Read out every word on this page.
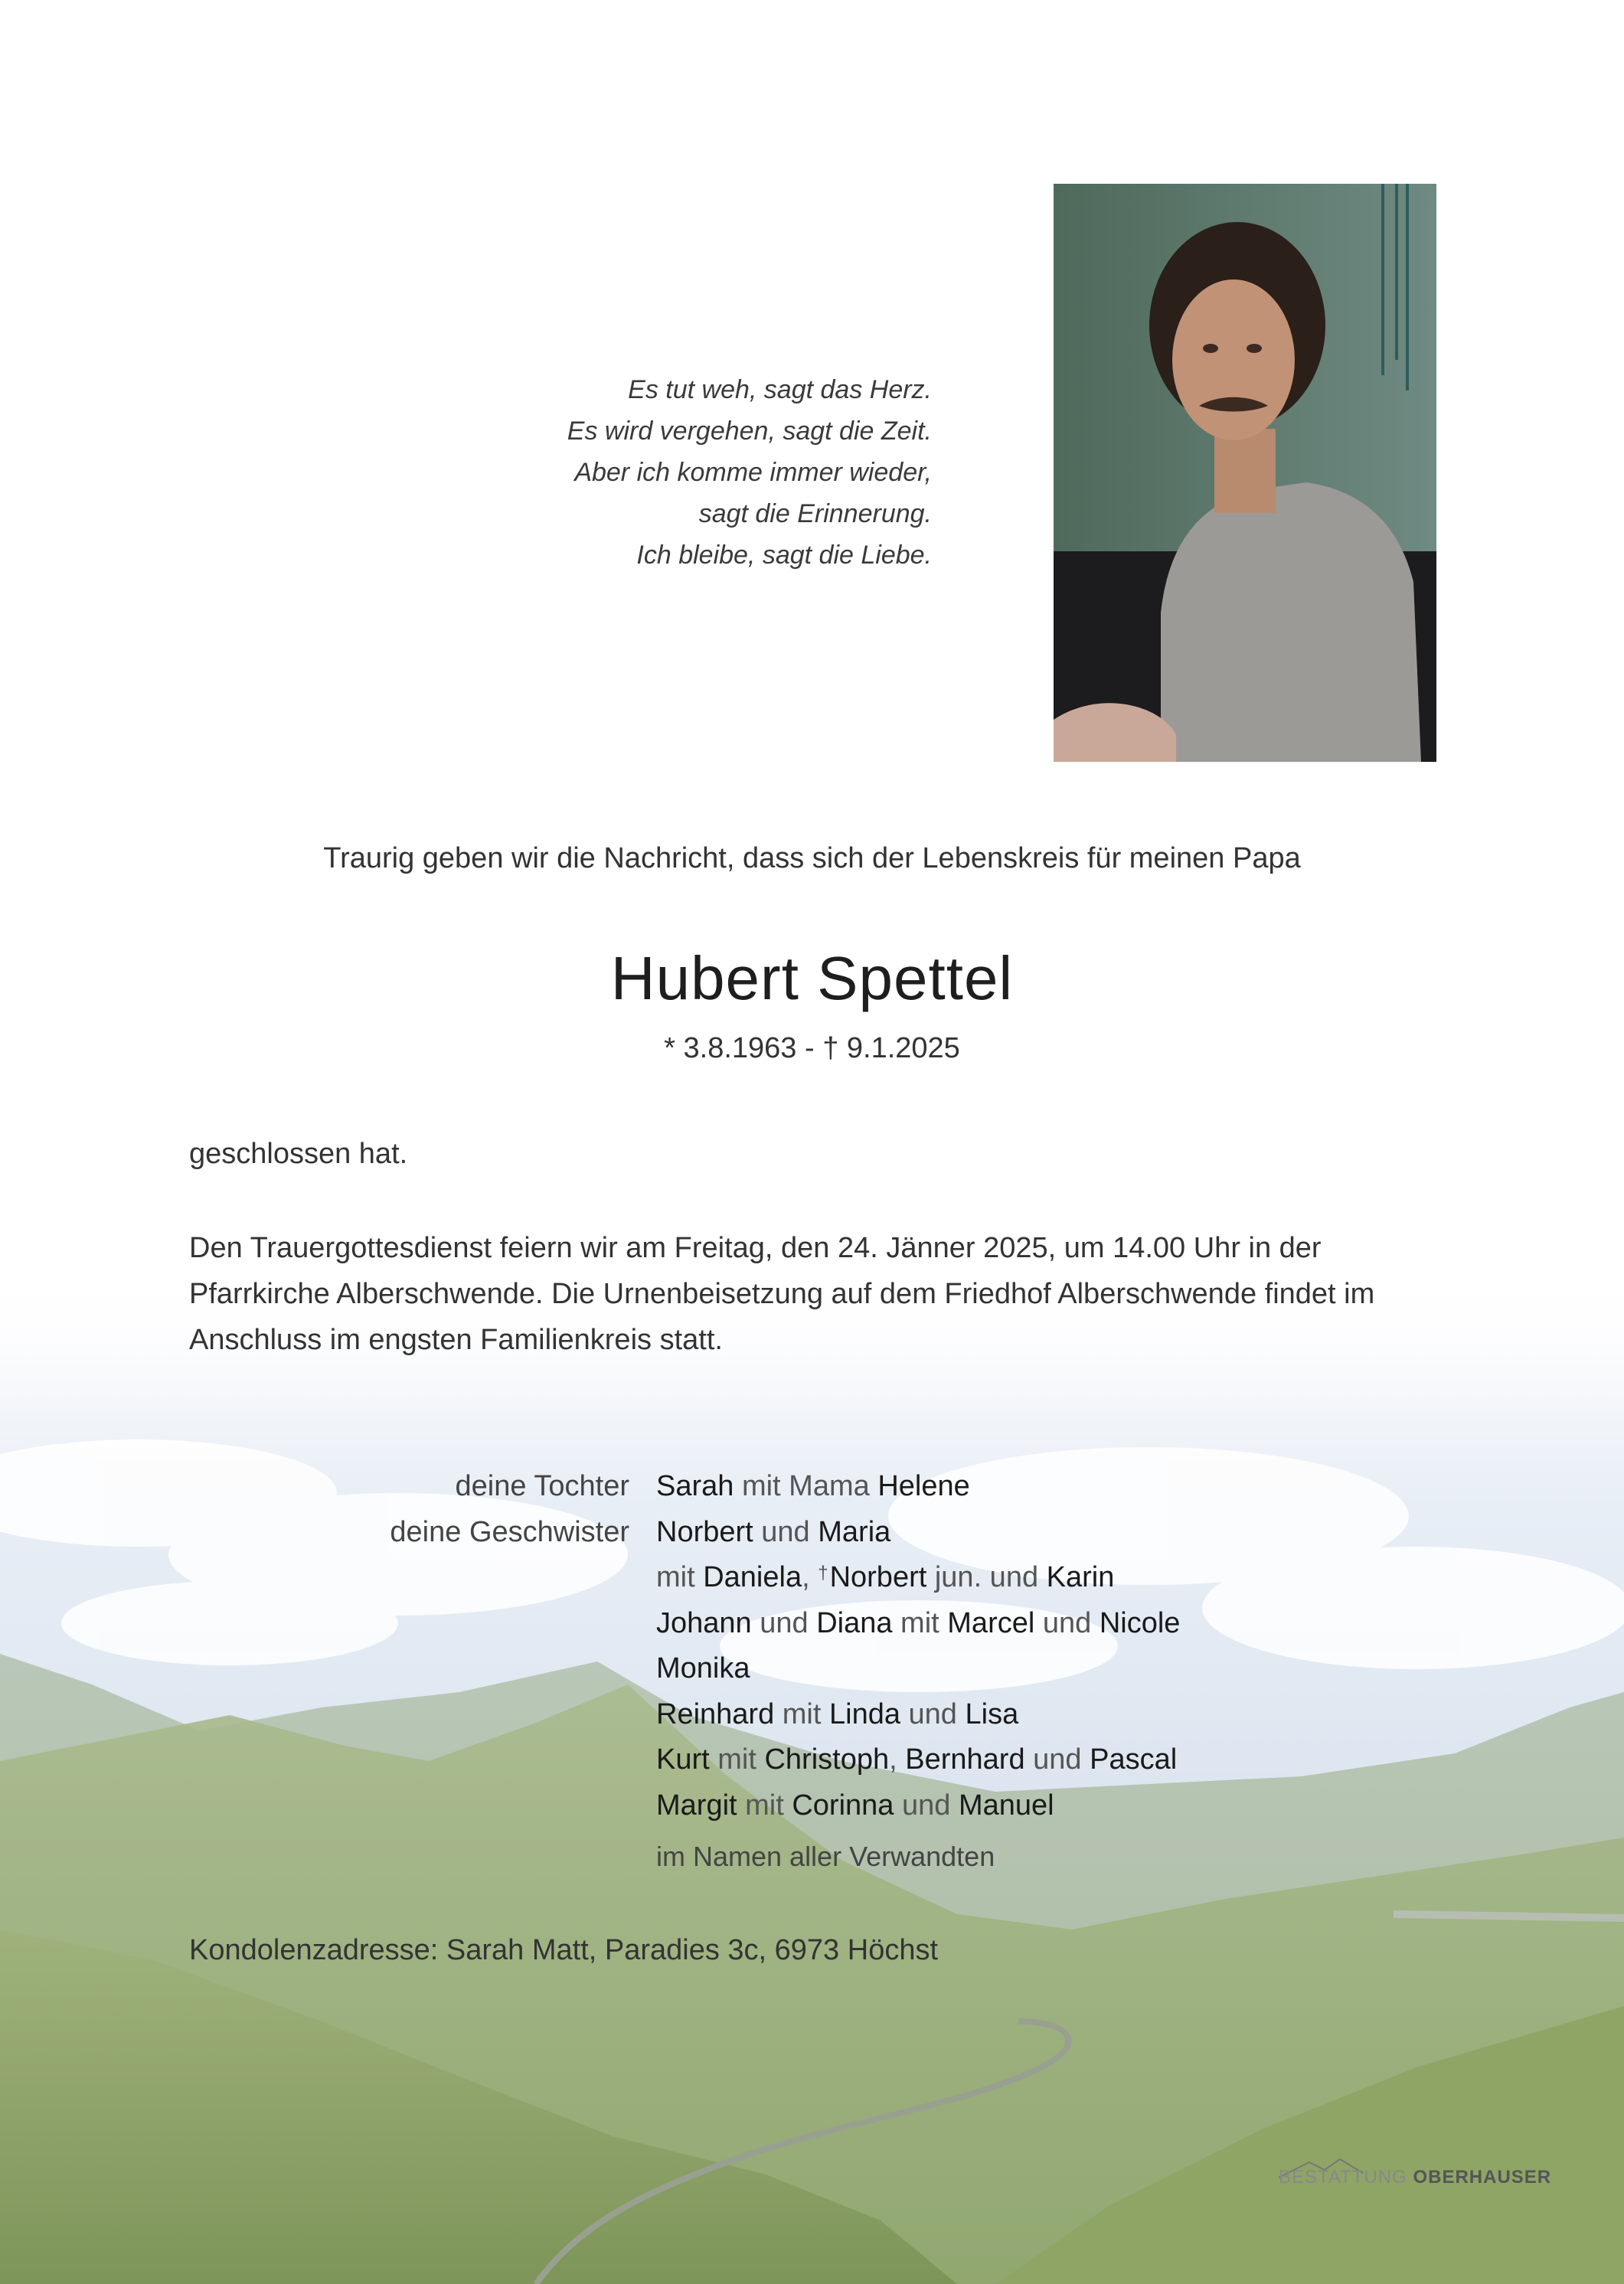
Es tut weh, sagt das Herz.
Es wird vergehen, sagt die Zeit.
Aber ich komme immer wieder,
sagt die Erinnerung.
Ich bleibe, sagt die Liebe.
Traurig geben wir die Nachricht, dass sich der Lebenskreis für meinen Papa
Hubert Spettel
* 3.8.1963 - † 9.1.2025
geschlossen hat.
Den Trauergottesdienst feiern wir am Freitag, den 24. Jänner 2025, um 14.00 Uhr in der Pfarrkirche Alberschwende. Die Urnenbeisetzung auf dem Friedhof Alberschwende findet im Anschluss im engsten Familienkreis statt.
deine Tochter Sarah mit Mama Helene
deine Geschwister Norbert und Maria
mit Daniela, †Norbert jun. und Karin
Johann und Diana mit Marcel und Nicole
Monika
Reinhard mit Linda und Lisa
Kurt mit Christoph, Bernhard und Pascal
Margit mit Corinna und Manuel
im Namen aller Verwandten
Kondolenzadresse: Sarah Matt, Paradies 3c, 6973 Höchst
BESTATTUNG OBERHAUSER
